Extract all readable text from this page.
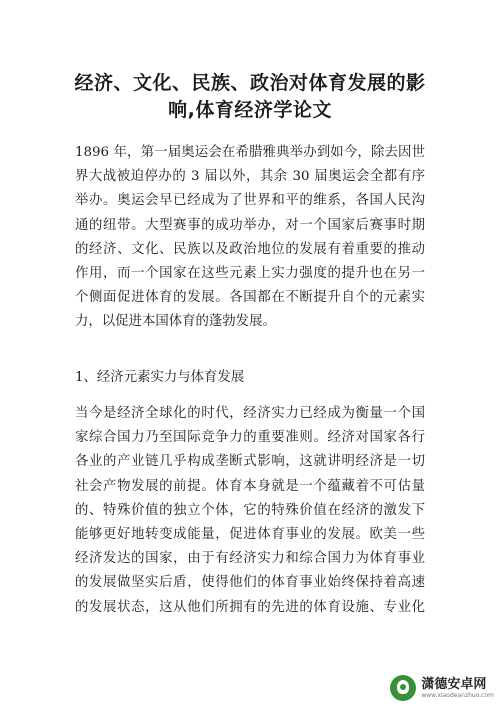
经济、文化、民族、政治对体育发展的影
响,体育经济学论文
1896 年，第一届奥运会在希腊雅典举办到如今，除去因世
界大战被迫停办的 3 届以外，其余 30 届奥运会全都有序
举办。奥运会早已经成为了世界和平的维系，各国人民沟
通的纽带。大型赛事的成功举办，对一个国家后赛事时期
的经济、文化、民族以及政治地位的发展有着重要的推动
作用，而一个国家在这些元素上实力强度的提升也在另一
个侧面促进体育的发展。各国都在不断提升自个的元素实
力，以促进本国体育的蓬勃发展。
1、经济元素实力与体育发展
当今是经济全球化的时代，经济实力已经成为衡量一个国
家综合国力乃至国际竞争力的重要准则。经济对国家各行
各业的产业链几乎构成垄断式影响，这就讲明经济是一切
社会产物发展的前提。体育本身就是一个蕴藏着不可估量
的、特殊价值的独立个体，它的特殊价值在经济的激发下
能够更好地转变成能量，促进体育事业的发展。欧美一些
经济发达的国家，由于有经济实力和综合国力为体育事业
的发展做坚实后盾，使得他们的体育事业始终保持着高速
的发展状态，这从他们所拥有的先进的体育设施、专业化
潇德安卓网
www.xiaodeanzhuo.com
